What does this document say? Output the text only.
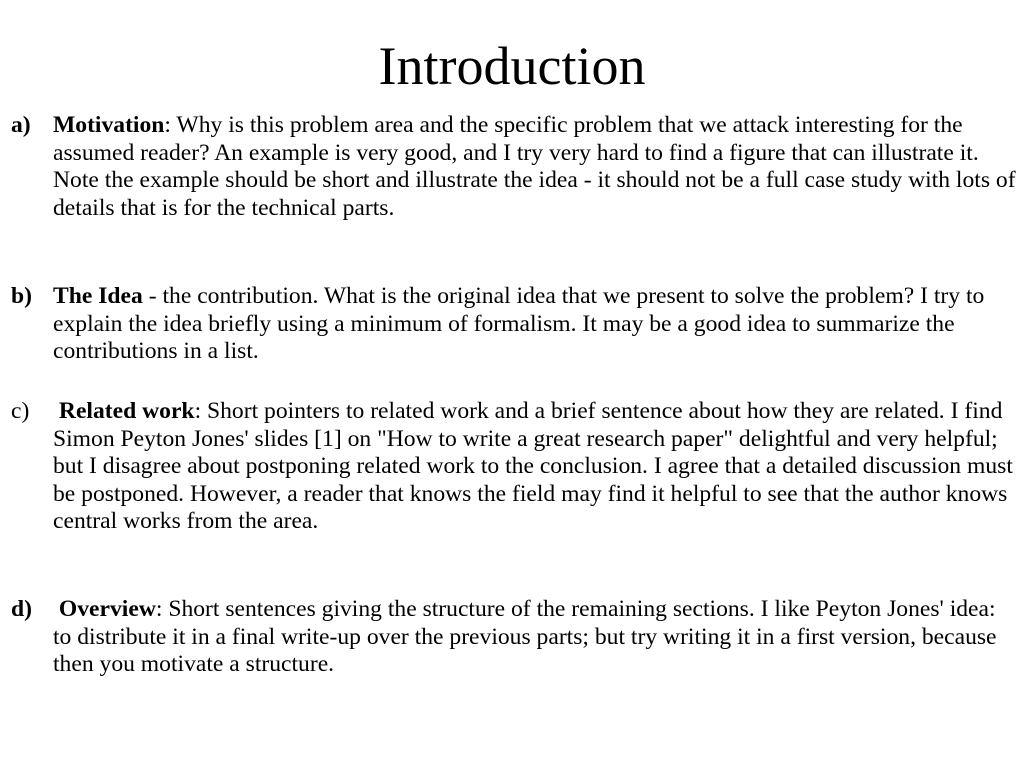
Introduction
a) Motivation: Why is this problem area and the specific problem that we attack interesting for the assumed reader? An example is very good, and I try very hard to find a figure that can illustrate it. Note the example should be short and illustrate the idea - it should not be a full case study with lots of details that is for the technical parts.
b) The Idea - the contribution. What is the original idea that we present to solve the problem? I try to explain the idea briefly using a minimum of formalism. It may be a good idea to summarize the contributions in a list.
c)	Related work: Short pointers to related work and a brief sentence about how they are related. I find Simon Peyton Jones' slides [1] on "How to write a great research paper" delightful and very helpful; but I disagree about postponing related work to the conclusion. I agree that a detailed discussion must be postponed. However, a reader that knows the field may find it helpful to see that the author knows central works from the area.
d)	Overview: Short sentences giving the structure of the remaining sections. I like Peyton Jones' idea: to distribute it in a final write-up over the previous parts; but try writing it in a first version, because then you motivate a structure.
